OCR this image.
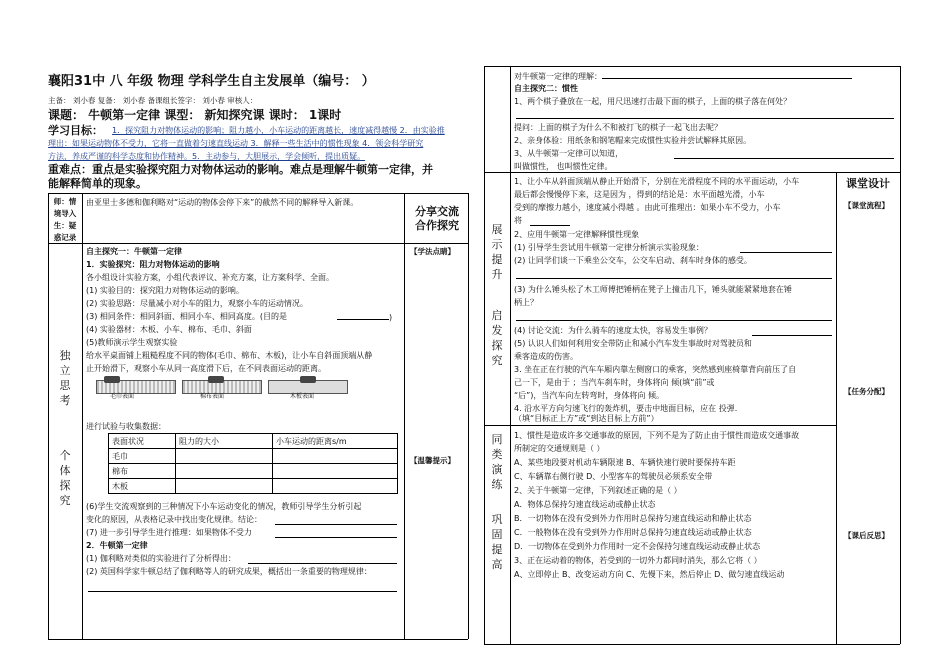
襄阳31中 八 年级 物理 学科学生自主发展单（编号： ）
主备： 刘小春 复备： 刘小春 备课组长签字： 刘小春 审核人：
课题： 牛顿第一定律 课型： 新知探究课 课时： 1课时
学习目标： 1．探究阻力对物体运动的影响；阻力越小，小车运动的距离越长，速度减得越慢 2．由实验推
理出：如果运动物体不受力，它将一直做着匀速直线运动 3．解释一些生活中的惯性现象 4．领会科学研究
方法，养成严谨的科学态度和协作精神。5．主动参与，大胆展示，学会倾听，提出质疑。
重难点：重点是实验探究阻力对物体运动的影响。难点是理解牛顿第一定律，并
能解释简单的现象。
师：情
境导入
生：疑
惑记录
由亚里士多德和伽利略对“运动的物体会停下来”的截然不同的解释导入新课。
分享交流
合作探究
独
立
思
考
个
体
探
究
【学法点睛】
【温馨提示】
自主探究一：牛顿第一定律
1．实验探究：阻力对物体运动的影响
各小组设计实验方案，小组代表评议、补充方案，让方案科学、全面。
(1) 实验目的：探究阻力对物体运动的影响。
(2) 实验思路：尽量减小对小车的阻力，观察小车的运动情况。
(3) 相同条件：相同斜面、相同小车、相同高度。(目的是	)
(4) 实验器材：木板、小车、棉布、毛巾、斜面
(5)教师演示学生观察实验
给水平桌面铺上粗糙程度不同的物体(毛巾、棉布、木板)，让小车自斜面顶端从静
止开始滑下，观察小车从同一高度滑下后，在不同表面运动的距离。
毛巾表面	棉布表面	木板表面
进行试验与收集数据：
表面状况	阻力的大小	小车运动的距离s/m
毛巾		
棉布		
木板		
(6)学生交流观察到的三种情况下小车运动变化的情况，教师引导学生分析引起
变化的原因，从表格记录中找出变化规律。结论：
(7) 进一步引导学生进行推理：如果物体不受力
2．牛顿第一定律
(1) 伽利略对类似的实验进行了分析得出：
(2) 英国科学家牛顿总结了伽利略等人的研究成果，概括出一条重要的物理规律：
对牛顿第一定律的理解：
自主探究二：惯性
1、两个棋子叠放在一起，用尺迅速打击最下面的棋子，上面的棋子落在何处？
提问：上面的棋子为什么不和被打飞的棋子一起飞出去呢？
2、亲身体验：用纸条和钢笔帽来完成惯性实验并尝试解释其原因。
3、从牛顿第一定律可以知道，
叫做惯性， 也叫惯性定律。
展
示
提
升
启
发
探
究
同
类
演
练
巩
固
提
高
课堂设计
【课堂流程】
【任务分配】
【课后反思】
1、让小车从斜面顶端从静止开始滑下，分别在光滑程度不同的水平面运动，小车
最后都会慢慢停下来，这是因为 ，得到的结论是：水平面越光滑，小车
受到的摩擦力越小，速度减小得越 。由此可推理出：如果小车不受力，小车
将
2、应用牛顿第一定律解释惯性现象
(1) 引导学生尝试用牛顿第一定律分析演示实验现象：
(2) 让同学们谈一下乘坐公交车，公交车启动、刹车时身体的感受。
(3) 为什么锤头松了木工师傅把锤柄在凳子上撞击几下，锤头就能紧紧地套在锤
柄上？
(4) 讨论交流：为什么骑车的速度太快，容易发生事例？
(5) 认识人们如何利用安全带防止和减小汽车发生事故时对驾驶员和
乘客造成的伤害。
3. 坐在正在行驶的汽车车厢内靠左侧窗口的乘客，突然感到座椅靠背向前压了自
己一下，是由于 ；当汽车刹车时，身体将向 倾(填“前”或
“后”)，当汽车向左转弯时，身体将向 倾。
4. 沿水平方向匀速飞行的轰炸机，要击中地面目标，应在 投弹.
（填“目标正上方”或“到达目标上方前”）
1、惯性是造成许多交通事故的原因，下列不是为了防止由于惯性而造成交通事故
所制定的交通规则是（ ）
A、某些地段要对机动车辆限速 B、车辆快速行驶时要保持车距
C、车辆靠右侧行驶 D、小型客车的驾驶员必须系安全带
2、关于牛顿第一定律，下列叙述正确的是（ ）
A．物体总保持匀速直线运动或静止状态
B．一切物体在没有受到外力作用时总保持匀速直线运动和静止状态
C．一般物体在没有受到外力作用时总保持匀速直线运动或静止状态
D．一切物体在受到外力作用时一定不会保持匀速直线运动或静止状态
3、正在运动着的物体，若受到的一切外力都同时消失，那么它将（ ）
A、立即停止 B、改变运动方向 C、先慢下来，然后停止 D、做匀速直线运动
